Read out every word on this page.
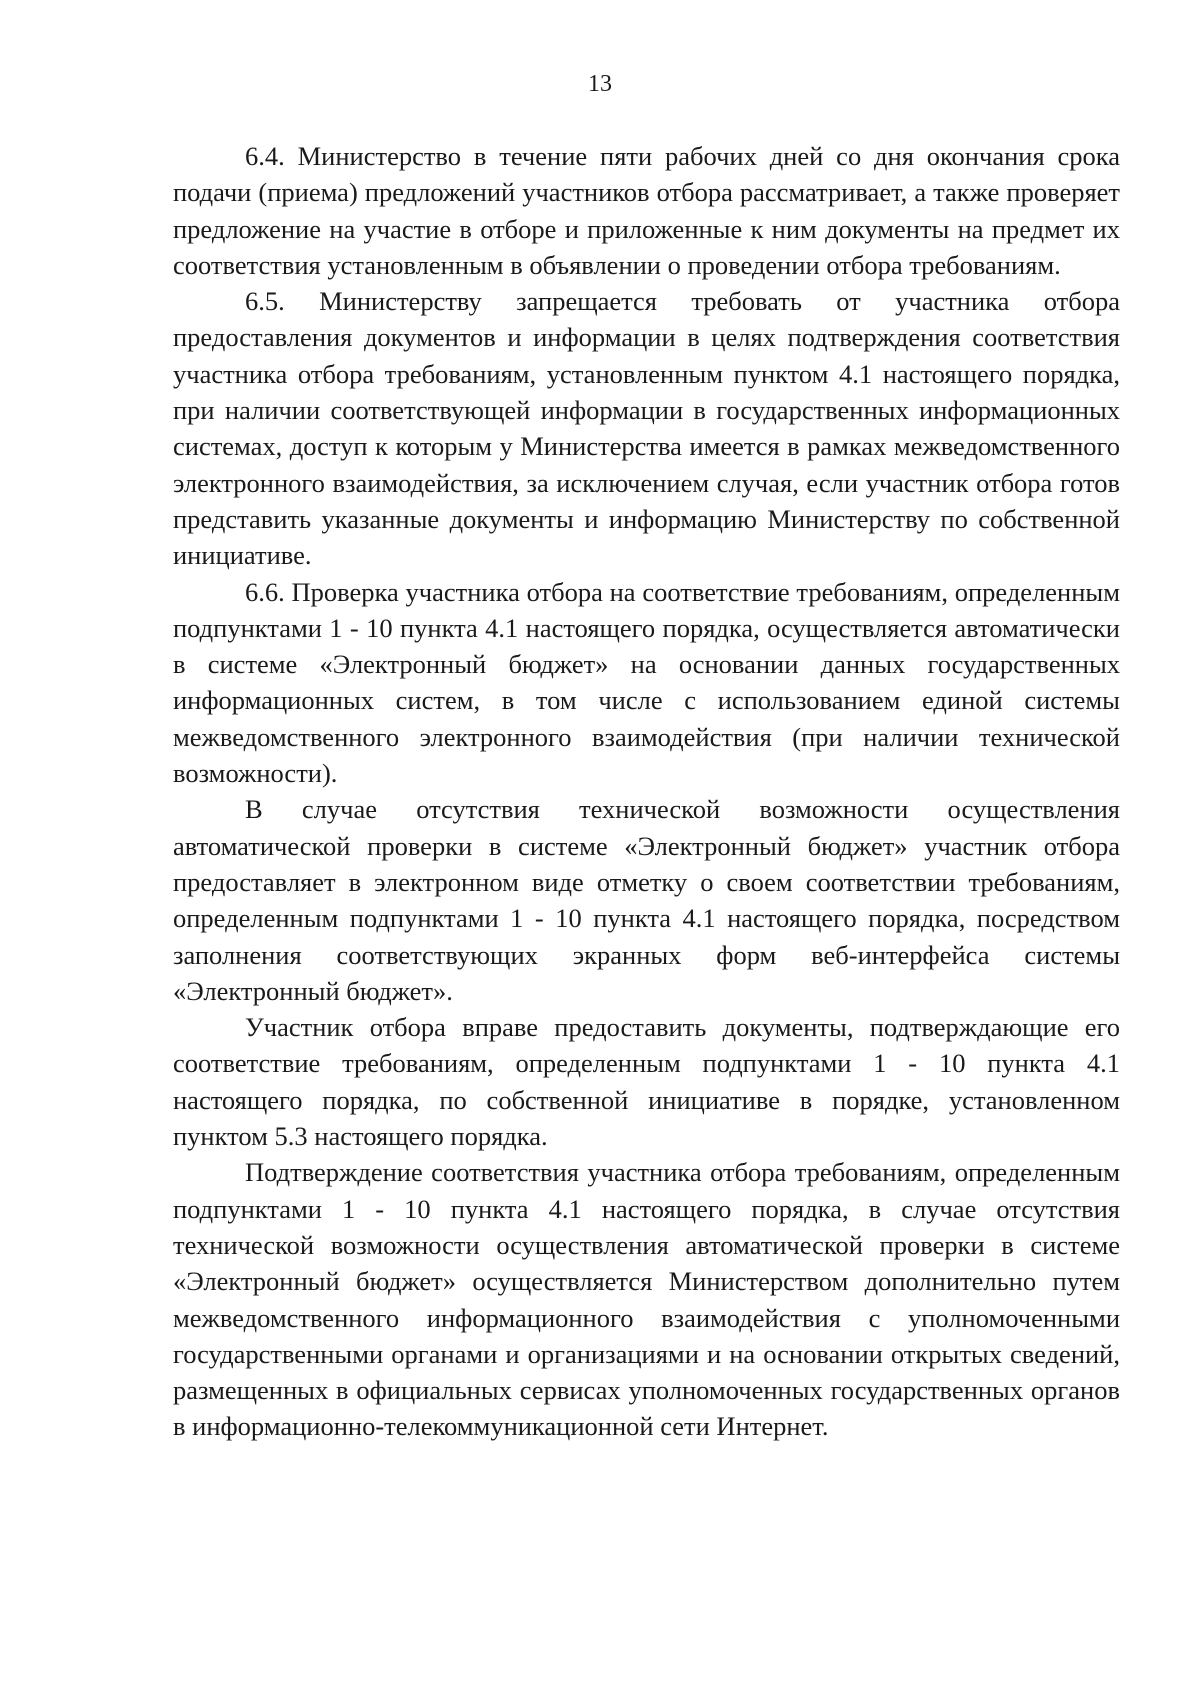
13

6.4. Министерство в течение пяти рабочих дней со дня окончания срока подачи (приема) предложений участников отбора рассматривает, а также проверяет предложение на участие в отборе и приложенные к ним документы на предмет их соответствия установленным в объявлении о проведении отбора требованиям.

6.5. Министерству запрещается требовать от участника отбора предоставления документов и информации в целях подтверждения соответствия участника отбора требованиям, установленным пунктом 4.1 настоящего порядка, при наличии соответствующей информации в государственных информационных системах, доступ к которым у Министерства имеется в рамках межведомственного электронного взаимодействия, за исключением случая, если участник отбора готов представить указанные документы и информацию Министерству по собственной инициативе.

6.6. Проверка участника отбора на соответствие требованиям, определенным подпунктами 1 - 10 пункта 4.1 настоящего порядка, осуществляется автоматически в системе «Электронный бюджет» на основании данных государственных информационных систем, в том числе с использованием единой системы межведомственного электронного взаимодействия (при наличии технической возможности).

В случае отсутствия технической возможности осуществления автоматической проверки в системе «Электронный бюджет» участник отбора предоставляет в электронном виде отметку о своем соответствии требованиям, определенным подпунктами 1 - 10 пункта 4.1 настоящего порядка, посредством заполнения соответствующих экранных форм веб-интерфейса системы «Электронный бюджет».

Участник отбора вправе предоставить документы, подтверждающие его соответствие требованиям, определенным подпунктами 1 - 10 пункта 4.1 настоящего порядка, по собственной инициативе в порядке, установленном пунктом 5.3 настоящего порядка.

Подтверждение соответствия участника отбора требованиям, определенным подпунктами 1 - 10 пункта 4.1 настоящего порядка, в случае отсутствия технической возможности осуществления автоматической проверки в системе «Электронный бюджет» осуществляется Министерством дополнительно путем межведомственного информационного взаимодействия с уполномоченными государственными органами и организациями и на основании открытых сведений, размещенных в официальных сервисах уполномоченных государственных органов в информационно-телекоммуникационной сети Интернет.
